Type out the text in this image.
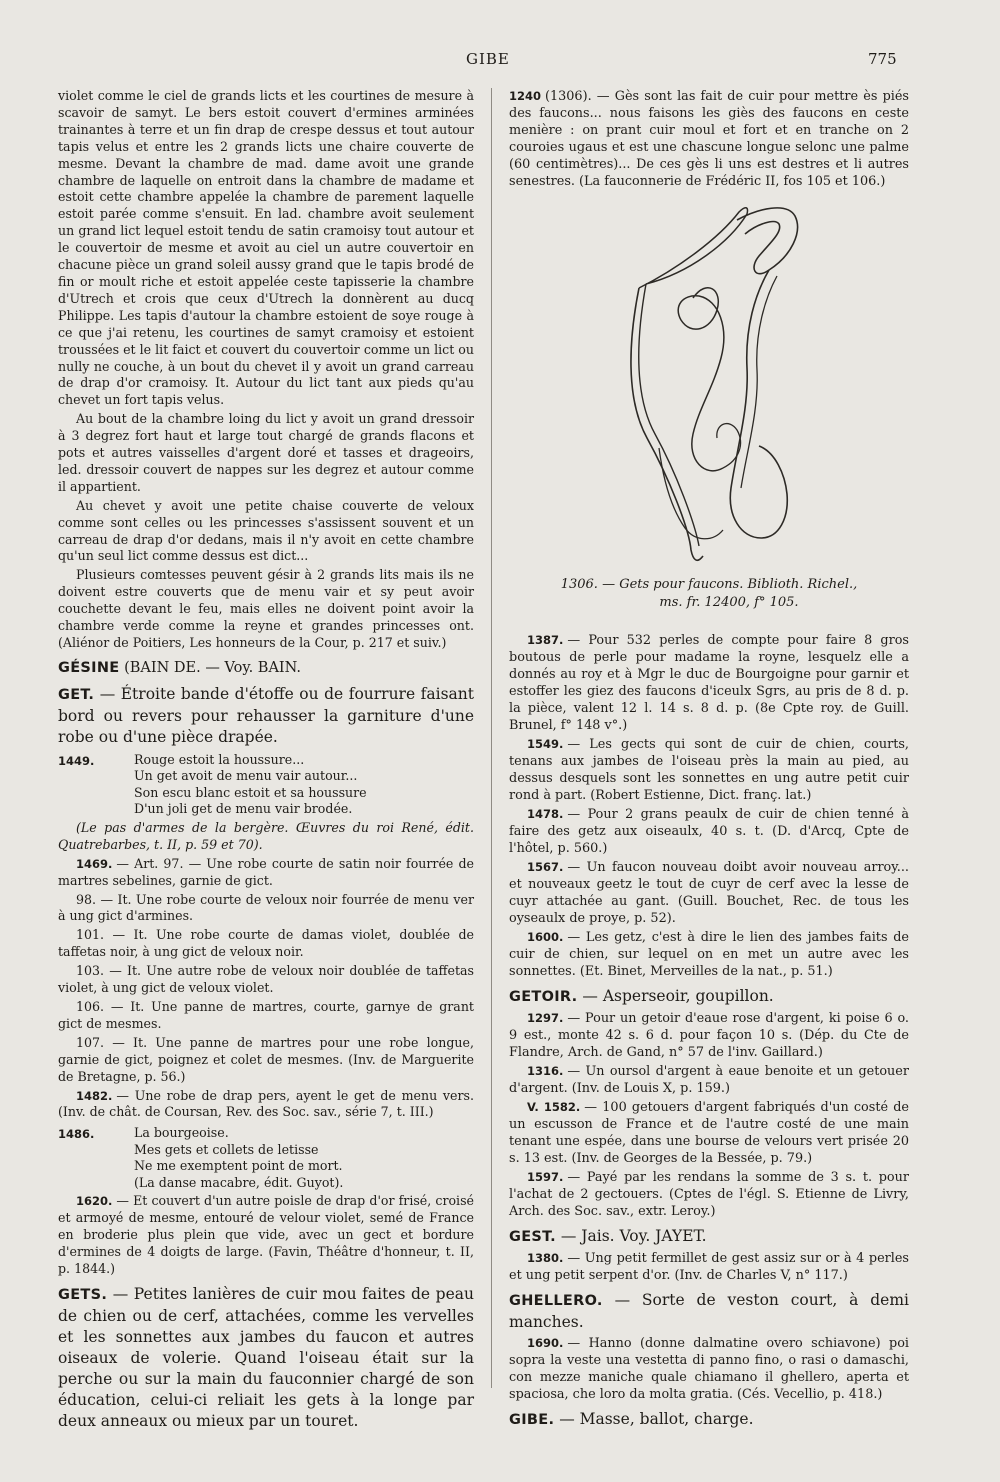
GIBE	775

violet comme le ciel de grands licts et les courtines de mesure à scavoir de samyt. Le bers estoit couvert d'ermines arminées trainantes à terre et un fin drap de crespe dessus et tout autour tapis velus et entre les 2 grands licts une chaire couverte de mesme. Devant la chambre de mad. dame avoit une grande chambre de laquelle on entroit dans la chambre de madame et estoit cette chambre appelée la chambre de parement laquelle estoit parée comme s'ensuit. En lad. chambre avoit seulement un grand lict lequel estoit tendu de satin cramoisy tout autour et le couvertoir de mesme et avoit au ciel un autre couvertoir en chacune pièce un grand soleil aussy grand que le tapis brodé de fin or moult riche et estoit appelée ceste tapisserie la chambre d'Utrech et crois que ceux d'Utrech la donnèrent au ducq Philippe. Les tapis d'autour la chambre estoient de soye rouge à ce que j'ai retenu, les courtines de samyt cramoisy et estoient troussées et le lit faict et couvert du couvertoir comme un lict ou nully ne couche, à un bout du chevet il y avoit un grand carreau de drap d'or cramoisy. It. Autour du lict tant aux pieds qu'au chevet un fort tapis velus.

Au bout de la chambre loing du lict y avoit un grand dressoir à 3 degrez fort haut et large tout chargé de grands flacons et pots et autres vaisselles d'argent doré et tasses et drageoirs, led. dressoir couvert de nappes sur les degrez et autour comme il appartient.

Au chevet y avoit une petite chaise couverte de veloux comme sont celles ou les princesses s'assissent souvent et un carreau de drap d'or dedans, mais il n'y avoit en cette chambre qu'un seul lict comme dessus est dict...

Plusieurs comtesses peuvent gésir à 2 grands lits mais ils ne doivent estre couverts que de menu vair et sy peut avoir couchette devant le feu, mais elles ne doivent point avoir la chambre verde comme la reyne et grandes princesses ont. (Aliénor de Poitiers, Les honneurs de la Cour, p. 217 et suiv.)

GÉSINE (BAIN DE. — Voy. BAIN.
GET. — Étroite bande d'étoffe ou de fourrure faisant bord ou revers pour rehausser la garniture d'une robe ou d'une pièce drapée.
1449.	Rouge estoit la houssure...
Un get avoit de menu vair autour...
Son escu blanc estoit et sa houssure
D'un joli get de menu vair brodée.

(Le pas d'armes de la bergère. Œuvres du roi René, édit. Quatrebarbes, t. II, p. 59 et 70).

1469. — Art. 97. — Une robe courte de satin noir fourrée de martres sebelines, garnie de gict.

98. — It. Une robe courte de veloux noir fourrée de menu ver à ung gict d'armines.

101. — It. Une robe courte de damas violet, doublée de taffetas noir, à ung gict de veloux noir.

103. — It. Une autre robe de veloux noir doublée de taffetas violet, à ung gict de veloux violet.

106. — It. Une panne de martres, courte, garnye de grant gict de mesmes.

107. — It. Une panne de martres pour une robe longue, garnie de gict, poignez et colet de mesmes. (Inv. de Marguerite de Bretagne, p. 56.)

1482. — Une robe de drap pers, ayent le get de menu vers. (Inv. de chât. de Coursan, Rev. des Soc. sav., série 7, t. III.)

1486.	La bourgeoise.
Mes gets et collets de letisse
Ne me exemptent point de mort.
(La danse macabre, édit. Guyot).

1620. — Et couvert d'un autre poisle de drap d'or frisé, croisé et armoyé de mesme, entouré de velour violet, semé de France en broderie plus plein que vide, avec un gect et bordure d'ermines de 4 doigts de large. (Favin, Théâtre d'honneur, t. II, p. 1844.)

GETS. — Petites lanières de cuir mou faites de peau de chien ou de cerf, attachées, comme les vervelles et les sonnettes aux jambes du faucon et autres oiseaux de volerie. Quand l'oiseau était sur la perche ou sur la main du fauconnier chargé de son éducation, celui-ci reliait les gets à la longe par deux anneaux ou mieux par un touret.

1240 (1306). — Gès sont las fait de cuir pour mettre ès piés des faucons... nous faisons les giès des faucons en ceste menière : on prant cuir moul et fort et en tranche on 2 couroies ugaus et est une chascune longue selonc une palme (60 centimètres)... De ces gès li uns est destres et li autres senestres. (La fauconnerie de Frédéric II, fos 105 et 106.)

1306. — Gets pour faucons. Biblioth. Richel.,
ms. fr. 12400, f° 105.

1387. — Pour 532 perles de compte pour faire 8 gros boutous de perle pour madame la royne, lesquelz elle a donnés au roy et à Mgr le duc de Bourgoigne pour garnir et estoffer les giez des faucons d'iceulx Sgrs, au pris de 8 d. p. la pièce, valent 12 l. 14 s. 8 d. p. (8e Cpte roy. de Guill. Brunel, f° 148 v°.)

1549. — Les gects qui sont de cuir de chien, courts, tenans aux jambes de l'oiseau près la main au pied, au dessus desquels sont les sonnettes en ung autre petit cuir rond à part. (Robert Estienne, Dict. franç. lat.)

1478. — Pour 2 grans peaulx de cuir de chien tenné à faire des getz aux oiseaulx, 40 s. t. (D. d'Arcq, Cpte de l'hôtel, p. 560.)

1567. — Un faucon nouveau doibt avoir nouveau arroy... et nouveaux geetz le tout de cuyr de cerf avec la lesse de cuyr attachée au gant. (Guill. Bouchet, Rec. de tous les oyseaulx de proye, p. 52).

1600. — Les getz, c'est à dire le lien des jambes faits de cuir de chien, sur lequel on en met un autre avec les sonnettes. (Et. Binet, Merveilles de la nat., p. 51.)

GETOIR. — Asperseoir, goupillon.

1297. — Pour un getoir d'eaue rose d'argent, ki poise 6 o. 9 est., monte 42 s. 6 d. pour façon 10 s. (Dép. du Cte de Flandre, Arch. de Gand, n° 57 de l'inv. Gaillard.)

1316. — Un oursol d'argent à eaue benoite et un getouer d'argent. (Inv. de Louis X, p. 159.)

V. 1582. — 100 getouers d'argent fabriqués d'un costé de un escusson de France et de l'autre costé de une main tenant une espée, dans une bourse de velours vert prisée 20 s. 13 est. (Inv. de Georges de la Bessée, p. 79.)

1597. — Payé par les rendans la somme de 3 s. t. pour l'achat de 2 gectouers. (Cptes de l'égl. S. Etienne de Livry, Arch. des Soc. sav., extr. Leroy.)

GEST. — Jais. Voy. JAYET.

1380. — Ung petit fermillet de gest assiz sur or à 4 perles et ung petit serpent d'or. (Inv. de Charles V, n° 117.)

GHELLERO. — Sorte de veston court, à demi manches.

1690. — Hanno (donne dalmatine overo schiavone) poi sopra la veste una vestetta di panno fino, o rasi o damaschi, con mezze maniche quale chiamano il ghellero, aperta et spaciosa, che loro da molta gratia. (Cés. Vecellio, p. 418.)

GIBE. — Masse, ballot, charge.
